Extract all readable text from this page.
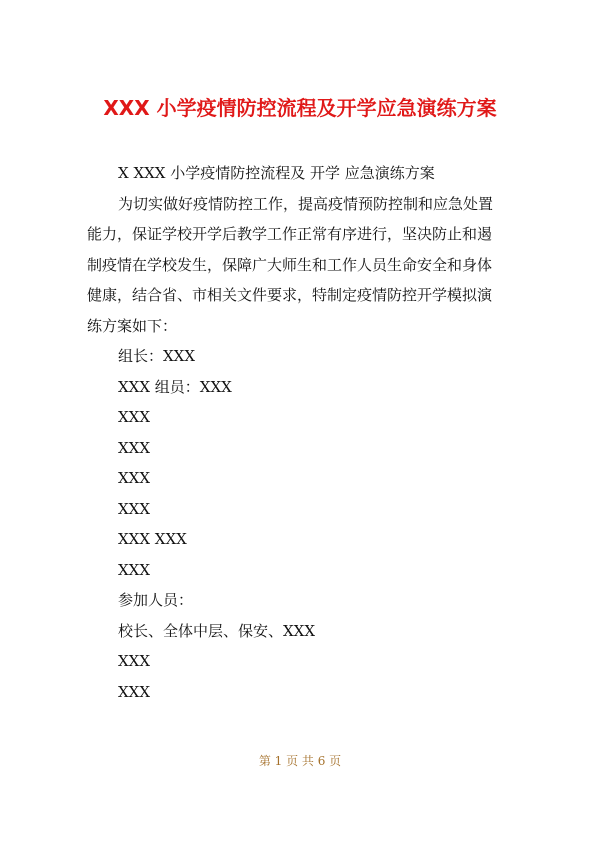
XXX 小学疫情防控流程及开学应急演练方案

X XXX 小学疫情防控流程及 开学 应急演练方案

为切实做好疫情防控工作，提高疫情预防控制和应急处置

能力，保证学校开学后教学工作正常有序进行，坚决防止和遏

制疫情在学校发生，保障广大师生和工作人员生命安全和身体

健康，结合省、市相关文件要求，特制定疫情防控开学模拟演

练方案如下：

组长：XXX

XXX 组员：XXX

XXX

XXX

XXX

XXX

XXX XXX

XXX

参加人员：

校长、全体中层、保安、XXX

XXX

XXX

第 1 页 共 6 页
